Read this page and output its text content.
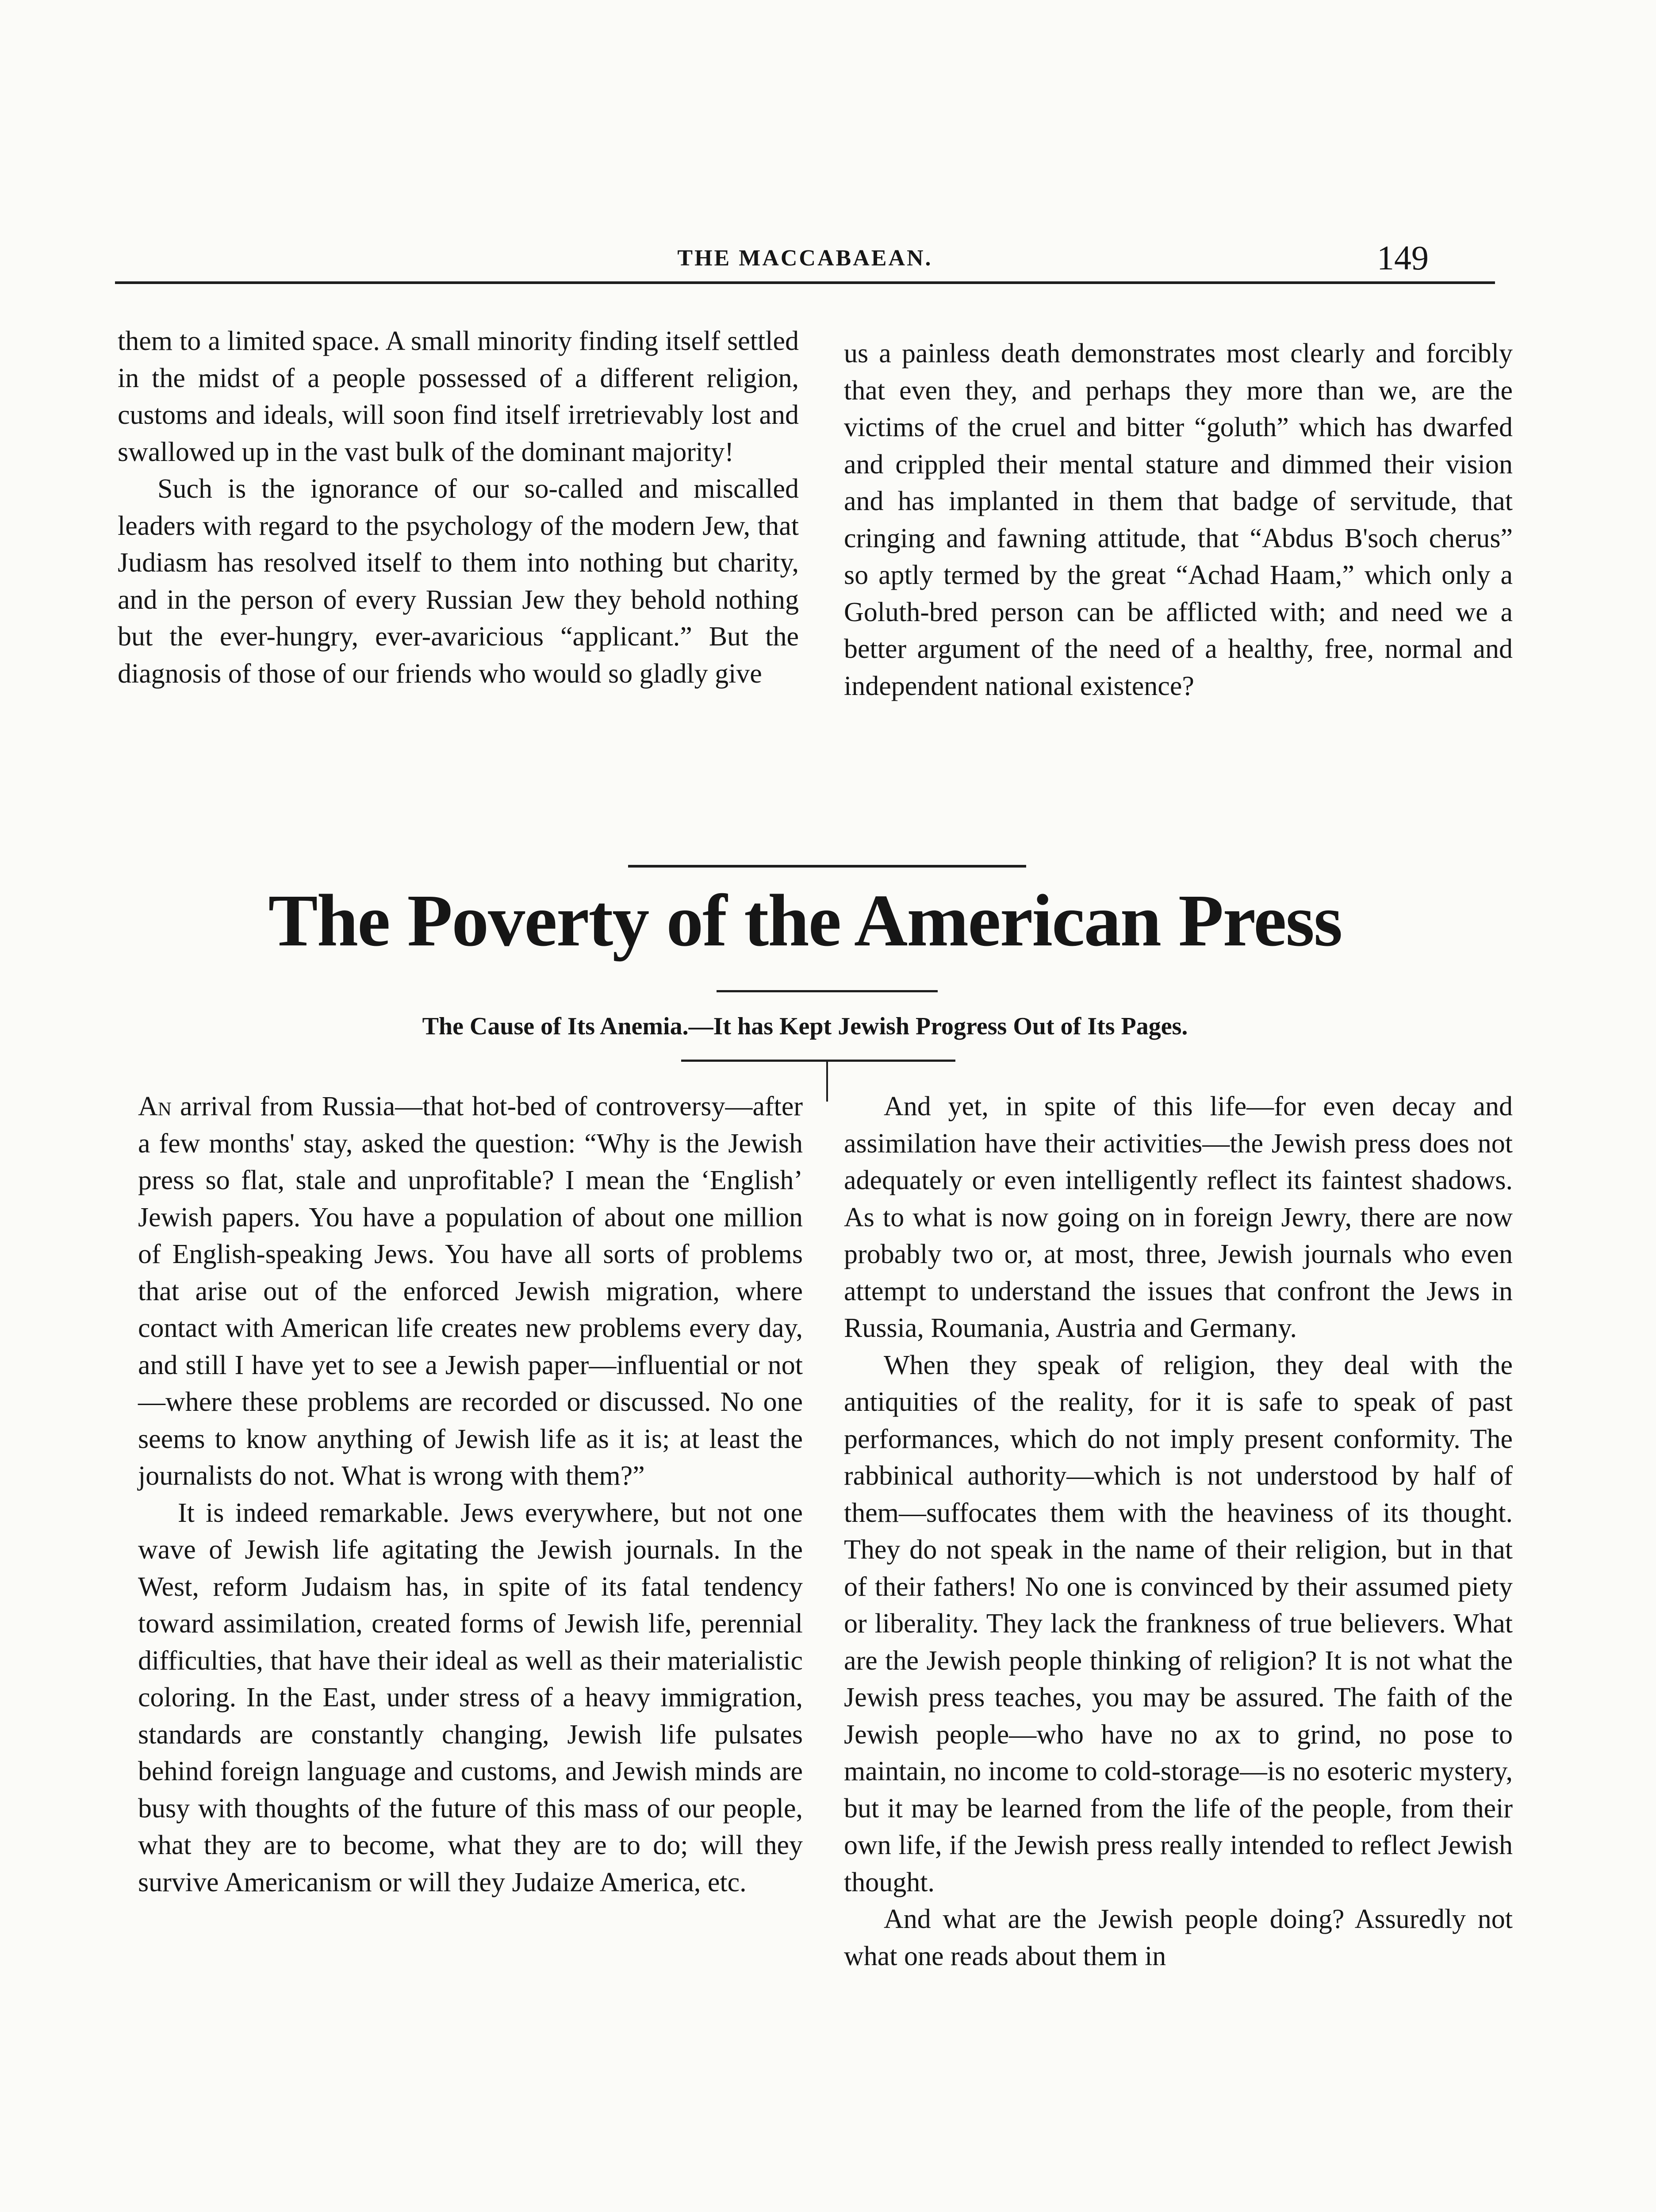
THE MACCABAEAN.	149

them to a limited space. A small minority finding itself settled in the midst of a people possessed of a different religion, customs and ideals, will soon find itself irretrievably lost and swallowed up in the vast bulk of the dominant majority!

Such is the ignorance of our so-called and miscalled leaders with regard to the psychology of the modern Jew, that Judiasm has resolved itself to them into nothing but charity, and in the person of every Russian Jew they behold nothing but the ever-hungry, ever-avaricious “applicant.” But the diagnosis of those of our friends who would so gladly give

us a painless death demonstrates most clearly and forcibly that even they, and perhaps they more than we, are the victims of the cruel and bitter “goluth” which has dwarfed and crippled their mental stature and dimmed their vision and has implanted in them that badge of servitude, that cringing and fawning attitude, that “Abdus B'soch cherus” so aptly termed by the great “Achad Haam,” which only a Goluth-bred person can be afflicted with; and need we a better argument of the need of a healthy, free, normal and independent national existence?

The Poverty of the American Press
The Cause of Its Anemia.—It has Kept Jewish Progress Out of Its Pages.

An arrival from Russia—that hot-bed of controversy—after a few months' stay, asked the question: “Why is the Jewish press so flat, stale and unprofitable? I mean the ‘English’ Jewish papers. You have a population of about one million of English-speaking Jews. You have all sorts of problems that arise out of the enforced Jewish migration, where contact with American life creates new problems every day, and still I have yet to see a Jewish paper—influential or not—where these problems are recorded or discussed. No one seems to know anything of Jewish life as it is; at least the journalists do not. What is wrong with them?”

It is indeed remarkable. Jews everywhere, but not one wave of Jewish life agitating the Jewish journals. In the West, reform Judaism has, in spite of its fatal tendency toward assimilation, created forms of Jewish life, perennial difficulties, that have their ideal as well as their materialistic coloring. In the East, under stress of a heavy immigration, standards are constantly changing, Jewish life pulsates behind foreign language and customs, and Jewish minds are busy with thoughts of the future of this mass of our people, what they are to become, what they are to do; will they survive Americanism or will they Judaize America, etc.

And yet, in spite of this life—for even decay and assimilation have their activities—the Jewish press does not adequately or even intelligently reflect its faintest shadows. As to what is now going on in foreign Jewry, there are now probably two or, at most, three, Jewish journals who even attempt to understand the issues that confront the Jews in Russia, Roumania, Austria and Germany.

When they speak of religion, they deal with the antiquities of the reality, for it is safe to speak of past performances, which do not imply present conformity. The rabbinical authority—which is not understood by half of them—suffocates them with the heaviness of its thought. They do not speak in the name of their religion, but in that of their fathers! No one is convinced by their assumed piety or liberality. They lack the frankness of true believers. What are the Jewish people thinking of religion? It is not what the Jewish press teaches, you may be assured. The faith of the Jewish people—who have no ax to grind, no pose to maintain, no income to cold-storage—is no esoteric mystery, but it may be learned from the life of the people, from their own life, if the Jewish press really intended to reflect Jewish thought.

And what are the Jewish people doing? Assuredly not what one reads about them in
